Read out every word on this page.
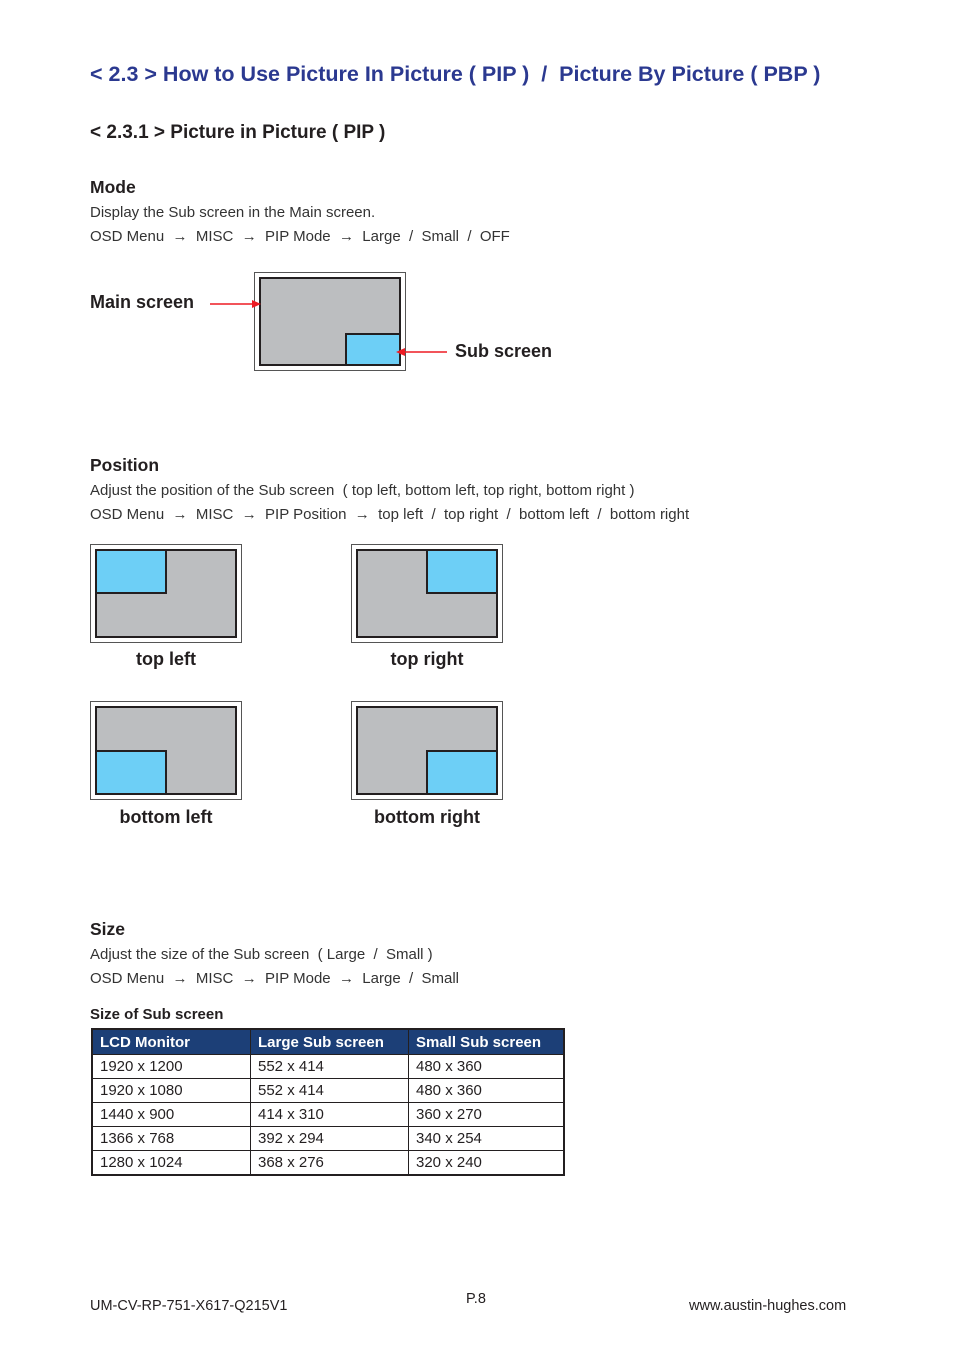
< 2.3 > How to Use Picture In Picture ( PIP )  /  Picture By Picture ( PBP )
< 2.3.1 > Picture in Picture ( PIP )
Mode
Display the Sub screen in the Main screen.
OSD Menu  →  MISC  →  PIP Mode  →  Large  /  Small  /  OFF
Main screen
Sub screen
Position
Adjust the position of the Sub screen  ( top left, bottom left, top right, bottom right )
OSD Menu  →  MISC  →  PIP Position  →  top left  /  top right  /  bottom left  /  bottom right
top left	top right
bottom left	bottom right
Size
Adjust the size of the Sub screen  ( Large  /  Small )
OSD Menu  →  MISC  →  PIP Mode  →  Large  /  Small
Size of Sub screen
LCD Monitor	Large Sub screen	Small Sub screen
1920 x 1200	552 x 414	480 x 360
1920 x 1080	552 x 414	480 x 360
1440 x 900	414 x 310	360 x 270
1366 x 768	392 x 294	340 x 254
1280 x 1024	368 x 276	320 x 240
UM-CV-RP-751-X617-Q215V1	P.8	www.austin-hughes.com
